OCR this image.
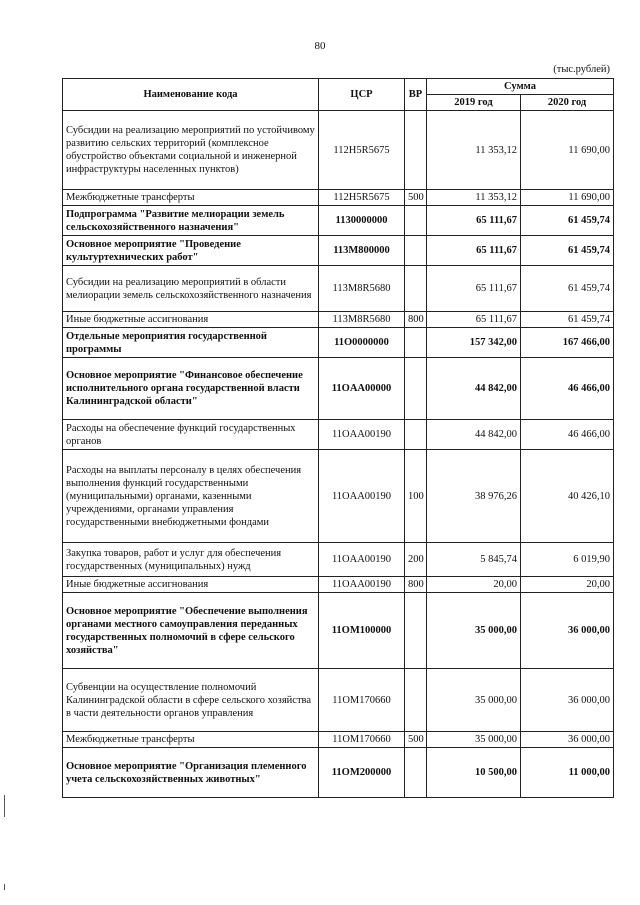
80
(тыс.рублей)
Наименование кода	ЦСР	ВР	Сумма	
			2019 год	2020 год
Субсидии на реализацию мероприятий по устойчивому развитию сельских территорий (комплексное обустройство объектами социальной и инженерной инфраструктуры населенных пунктов)	112H5R5675		11 353,12	11 690,00
Межбюджетные трансферты	112H5R5675	500	11 353,12	11 690,00
Подпрограмма "Развитие мелиорации земель сельскохозяйственного назначения"	1130000000		65 111,67	61 459,74
Основное мероприятие "Проведение культуртехнических работ"	113M800000		65 111,67	61 459,74
Субсидии на реализацию мероприятий в области мелиорации земель сельскохозяйственного назначения	113M8R5680		65 111,67	61 459,74
Иные бюджетные ассигнования	113M8R5680	800	65 111,67	61 459,74
Отдельные мероприятия государственной программы	11O0000000		157 342,00	167 466,00
Основное мероприятие "Финансовое обеспечение исполнительного органа государственной власти Калининградской области"	11OAA00000		44 842,00	46 466,00
Расходы на обеспечение функций государственных органов	11OAA00190		44 842,00	46 466,00
Расходы на выплаты персоналу в целях обеспечения выполнения функций государственными (муниципальными) органами, казенными учреждениями, органами управления государственными внебюджетными фондами	11OAA00190	100	38 976,26	40 426,10
Закупка товаров, работ и услуг для обеспечения государственных (муниципальных) нужд	11OAA00190	200	5 845,74	6 019,90
Иные бюджетные ассигнования	11OAA00190	800	20,00	20,00
Основное мероприятие "Обеспечение выполнения органами местного самоуправления переданных государственных полномочий в сфере сельского хозяйства"	11OM100000		35 000,00	36 000,00
Субвенции на осуществление полномочий Калининградской области в сфере сельского хозяйства в части деятельности органов управления	11OM170660		35 000,00	36 000,00
Межбюджетные трансферты	11OM170660	500	35 000,00	36 000,00
Основное мероприятие "Организация племенного учета сельскохозяйственных животных"	11OM200000		10 500,00	11 000,00
